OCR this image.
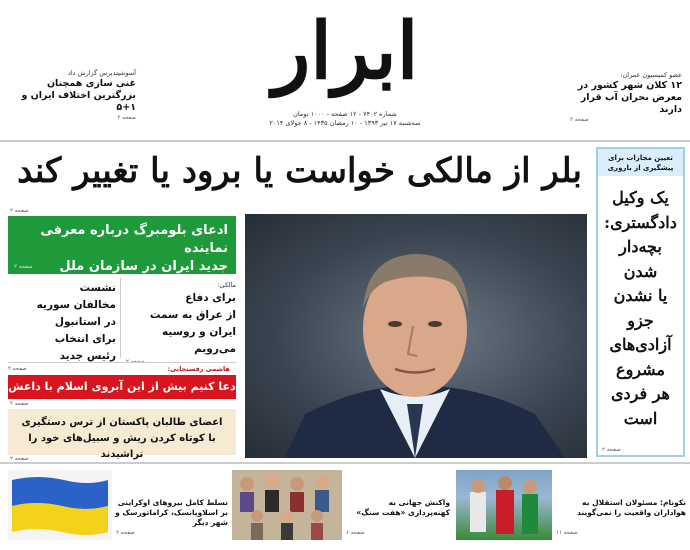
ابرار
شماره ۷۴۰۲ - ۱۲ صفحه - ۱۰۰۰ تومان
سه‌شنبه ۱۷ تیر ۱۳۹۳ - ۱۰ رمضان ۱۴۳۵ - ۸ جولای ۲۰۱۴
عضو کمیسیون عمران:
۱۲ کلان شهر کشور در معرض بحران آب قرار دارند
صفحه ۲
آسوشیتدپرس گزارش داد
غنی سازی همچنان بزرگترین اختلاف ایران و ۱+۵
صفحه ۲
بلر از مالکی خواست یا برود یا تغییر کند	تعیین مجازات برای پیشگیری از باروری
یک وکیل
دادگستری:
بچه‌دار
شدن
یا نشدن
جزو
آزادی‌های
مشروع
هر فردی
است
صفحه ۲
صفحه ۲
ادعای بلومبرگ درباره معرفی نماینده
جدید ایران در سازمان ملل
صفحه ۲
مالکی:
برای دفاع
از عراق به سمت
ایران و روسیه
می‌رویم
نشست
مخالفان سوریه
در استانبول
برای انتخاب
رئیس جدید
صفحه ۲	هاشمی رفسنجانی:
دعا کنیم بیش از این آبروی اسلام با داعش
صفحه ۲
اعضای طالبان پاکستان از ترس دستگیری
با کوتاه کردن ریش و سبیل‌های خود را تراشیدند
صفحه ۲
نکونام: مسئولان استقلال به هواداران واقعیت را نمی‌گویند
صفحه ۱۱
واکنش جهانی به کهنه‌پردازی «هفت سنگ»
صفحه ۶
تسلط کامل نیروهای اوکراینی بر اسلاویانسک، کراماتورسک و شهر دیگر
صفحه ۲
